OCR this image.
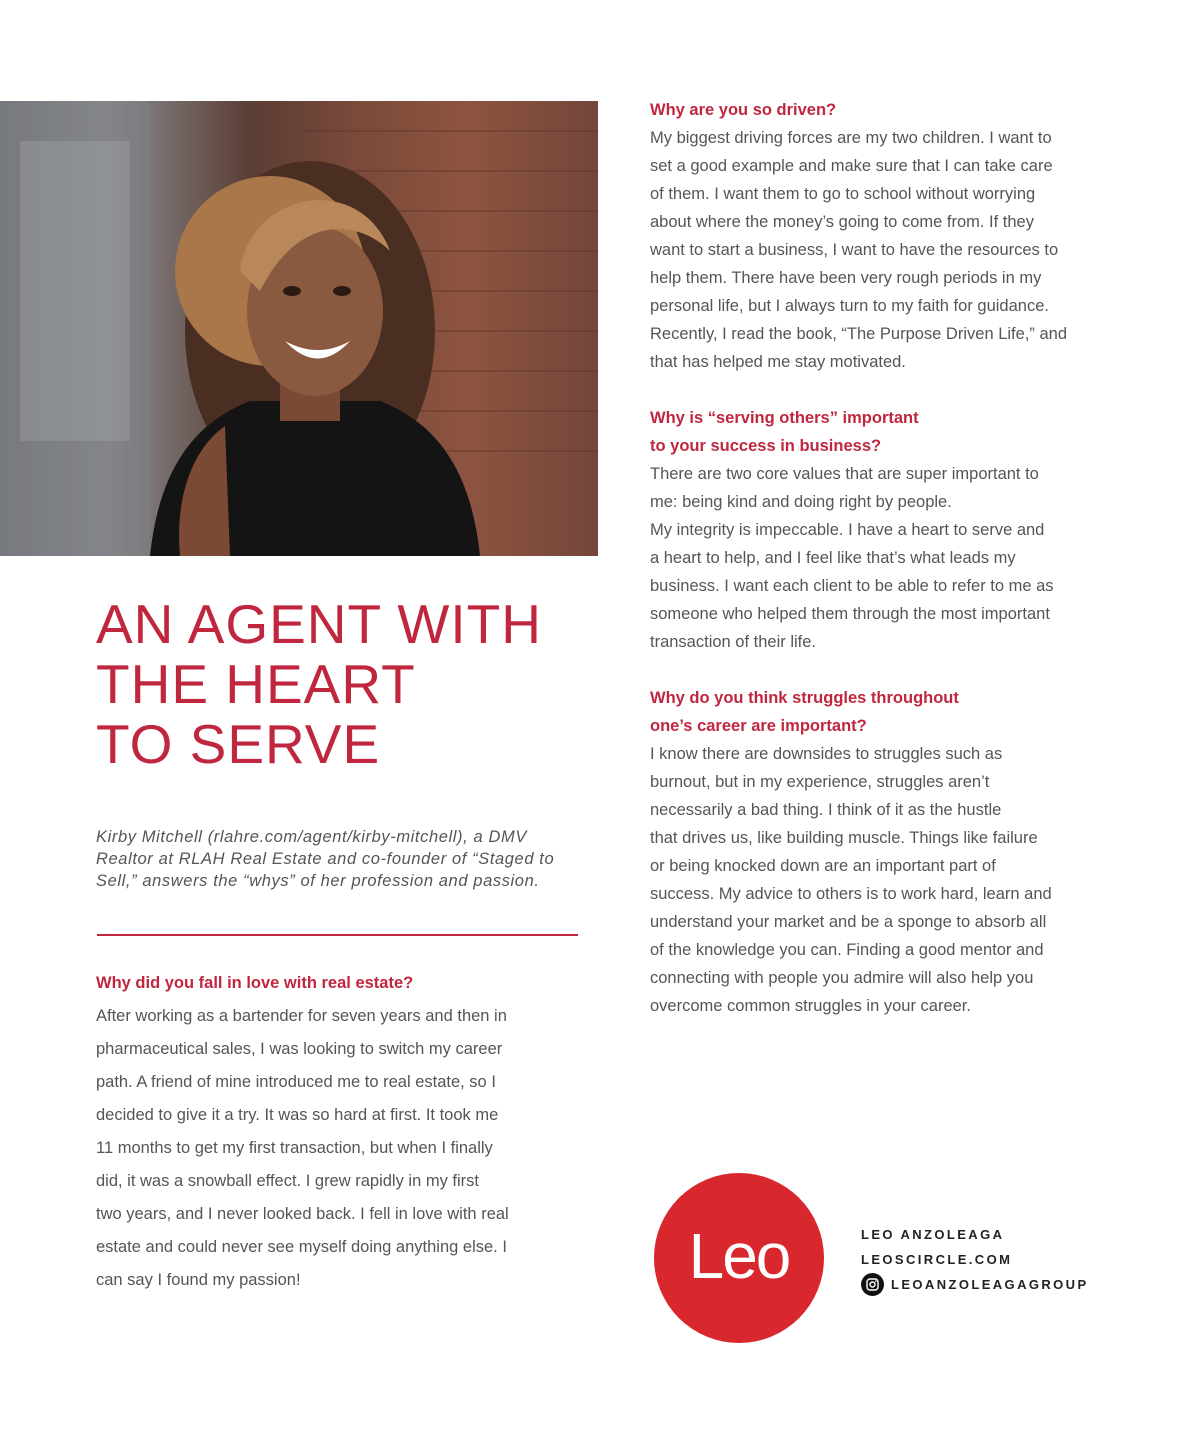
AN AGENT WITH
THE HEART
TO SERVE

Kirby Mitchell (rlahre.com/agent/kirby-mitchell), a DMV Realtor at RLAH Real Estate and co-founder of “Staged to Sell,” answers the “whys” of her profession and passion.

Why did you fall in love with real estate?

After working as a bartender for seven years and then in
pharmaceutical sales, I was looking to switch my career
path. A friend of mine introduced me to real estate, so I
decided to give it a try. It was so hard at first. It took me
11 months to get my first transaction, but when I finally
did, it was a snowball effect. I grew rapidly in my first
two years, and I never looked back. I fell in love with real
estate and could never see myself doing anything else. I
can say I found my passion!

Why are you so driven?

My biggest driving forces are my two children. I want to
set a good example and make sure that I can take care
of them. I want them to go to school without worrying
about where the money’s going to come from. If they
want to start a business, I want to have the resources to
help them. There have been very rough periods in my
personal life, but I always turn to my faith for guidance.
Recently, I read the book, “The Purpose Driven Life,” and
that has helped me stay motivated.

Why is “serving others” important
to your success in business?

There are two core values that are super important to
me: being kind and doing right by people.
My integrity is impeccable. I have a heart to serve and
a heart to help, and I feel like that’s what leads my
business. I want each client to be able to refer to me as
someone who helped them through the most important
transaction of their life.

Why do you think struggles throughout
one’s career are important?

I know there are downsides to struggles such as
burnout, but in my experience, struggles aren’t
necessarily a bad thing. I think of it as the hustle
that drives us, like building muscle. Things like failure
or being knocked down are an important part of
success. My advice to others is to work hard, learn and
understand your market and be a sponge to absorb all
of the knowledge you can. Finding a good mentor and
connecting with people you admire will also help you
overcome common struggles in your career.

Leo	LEO ANZOLEAGA
LEOSCIRCLE.COM
LEOANZOLEAGAGROUP
